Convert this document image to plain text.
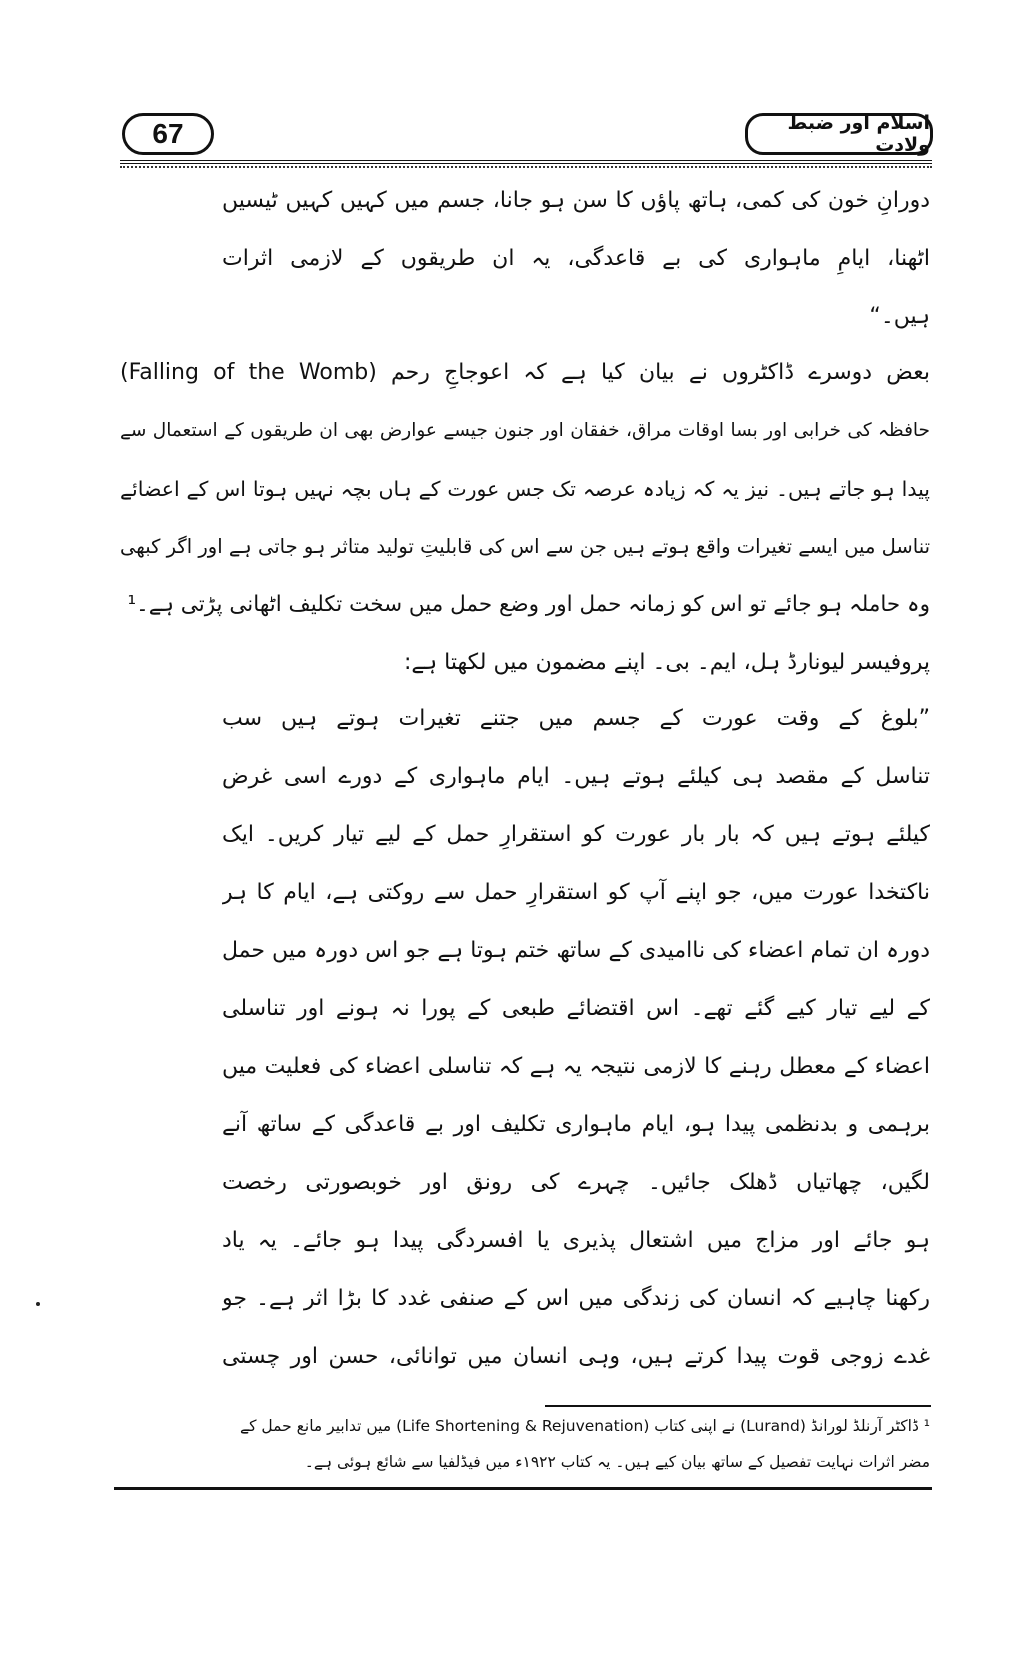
67	اسلام اور ضبط ولادت
دورانِ خون کی کمی، ہاتھ پاؤں کا سن ہو جانا، جسم میں کہیں کہیں ٹیسیں
اٹھنا، ایامِ ماہواری کی بے قاعدگی، یہ ان طریقوں کے لازمی اثرات
ہیں۔“
بعض دوسرے ڈاکٹروں نے بیان کیا ہے کہ اعوجاجِ رحم (Falling of the Womb)
حافظہ کی خرابی اور بسا اوقات مراق، خفقان اور جنون جیسے عوارض بھی ان طریقوں کے استعمال سے
پیدا ہو جاتے ہیں۔ نیز یہ کہ زیادہ عرصہ تک جس عورت کے ہاں بچہ نہیں ہوتا اس کے اعضائے
تناسل میں ایسے تغیرات واقع ہوتے ہیں جن سے اس کی قابلیتِ تولید متاثر ہو جاتی ہے اور اگر کبھی
وہ حاملہ ہو جائے تو اس کو زمانہ حمل اور وضع حمل میں سخت تکلیف اٹھانی پڑتی ہے۔¹
پروفیسر لیونارڈ ہل، ایم۔ بی۔ اپنے مضمون میں لکھتا ہے:
”بلوغ کے وقت عورت کے جسم میں جتنے تغیرات ہوتے ہیں سب
تناسل کے مقصد ہی کیلئے ہوتے ہیں۔ ایام ماہواری کے دورے اسی غرض
کیلئے ہوتے ہیں کہ بار بار عورت کو استقرارِ حمل کے لیے تیار کریں۔ ایک
ناکتخدا عورت میں، جو اپنے آپ کو استقرارِ حمل سے روکتی ہے، ایام کا ہر
دورہ ان تمام اعضاء کی ناامیدی کے ساتھ ختم ہوتا ہے جو اس دورہ میں حمل
کے لیے تیار کیے گئے تھے۔ اس اقتضائے طبعی کے پورا نہ ہونے اور تناسلی
اعضاء کے معطل رہنے کا لازمی نتیجہ یہ ہے کہ تناسلی اعضاء کی فعلیت میں
برہمی و بدنظمی پیدا ہو، ایام ماہواری تکلیف اور بے قاعدگی کے ساتھ آنے
لگیں، چھاتیاں ڈھلک جائیں۔ چہرے کی رونق اور خوبصورتی رخصت
ہو جائے اور مزاج میں اشتعال پذیری یا افسردگی پیدا ہو جائے۔ یہ یاد
رکھنا چاہیے کہ انسان کی زندگی میں اس کے صنفی غدد کا بڑا اثر ہے۔ جو
غدے زوجی قوت پیدا کرتے ہیں، وہی انسان میں توانائی، حسن اور چستی
¹ ڈاکٹر آرنلڈ لورانڈ (Lurand) نے اپنی کتاب (Life Shortening & Rejuvenation) میں تدابیر مانع حمل کے
مضر اثرات نہایت تفصیل کے ساتھ بیان کیے ہیں۔ یہ کتاب ۱۹۲۲ء میں فیڈلفیا سے شائع ہوئی ہے۔
